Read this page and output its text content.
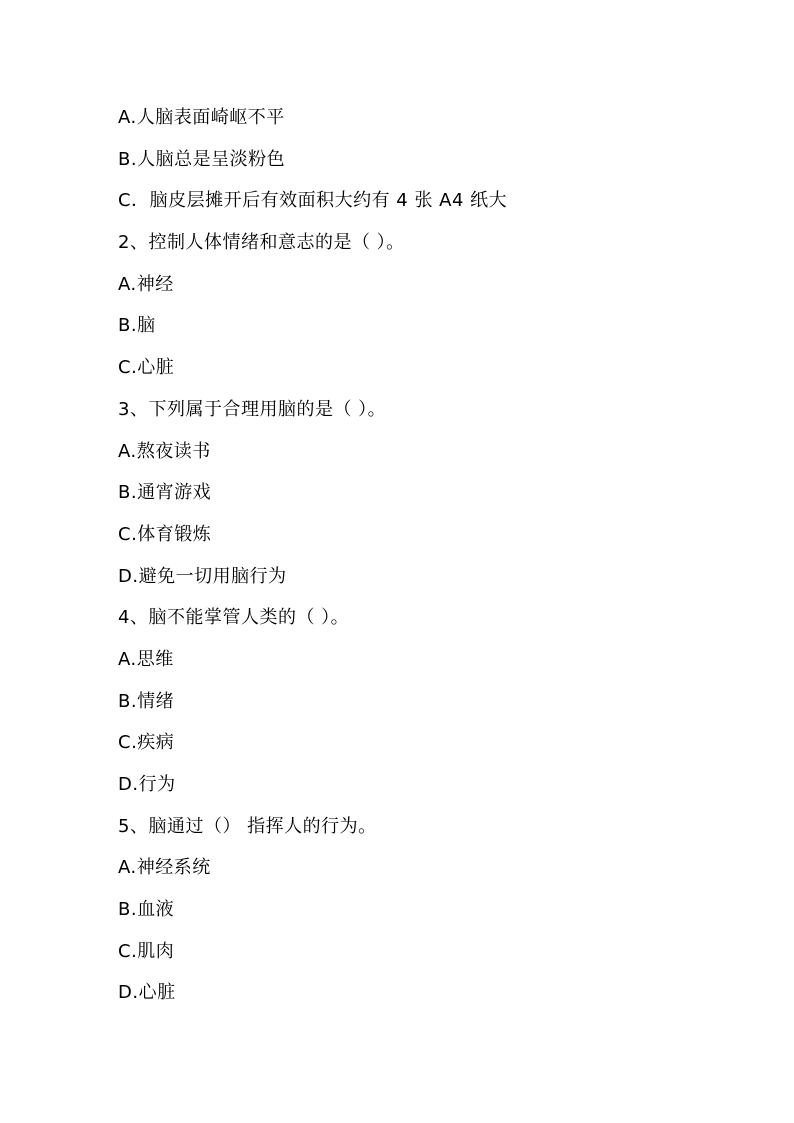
A.人脑表面崎岖不平
B.人脑总是呈淡粉色
C．脑皮层摊开后有效面积大约有 4 张 A4 纸大
2、控制人体情绪和意志的是（ ）。
A.神经
B.脑
C.心脏
3、下列属于合理用脑的是（ ）。
A.熬夜读书
B.通宵游戏
C.体育锻炼
D.避免一切用脑行为
4、脑不能掌管人类的（ ）。
A.思维
B.情绪
C.疾病
D.行为
5、脑通过（） 指挥人的行为。
A.神经系统
B.血液
C.肌肉
D.心脏
